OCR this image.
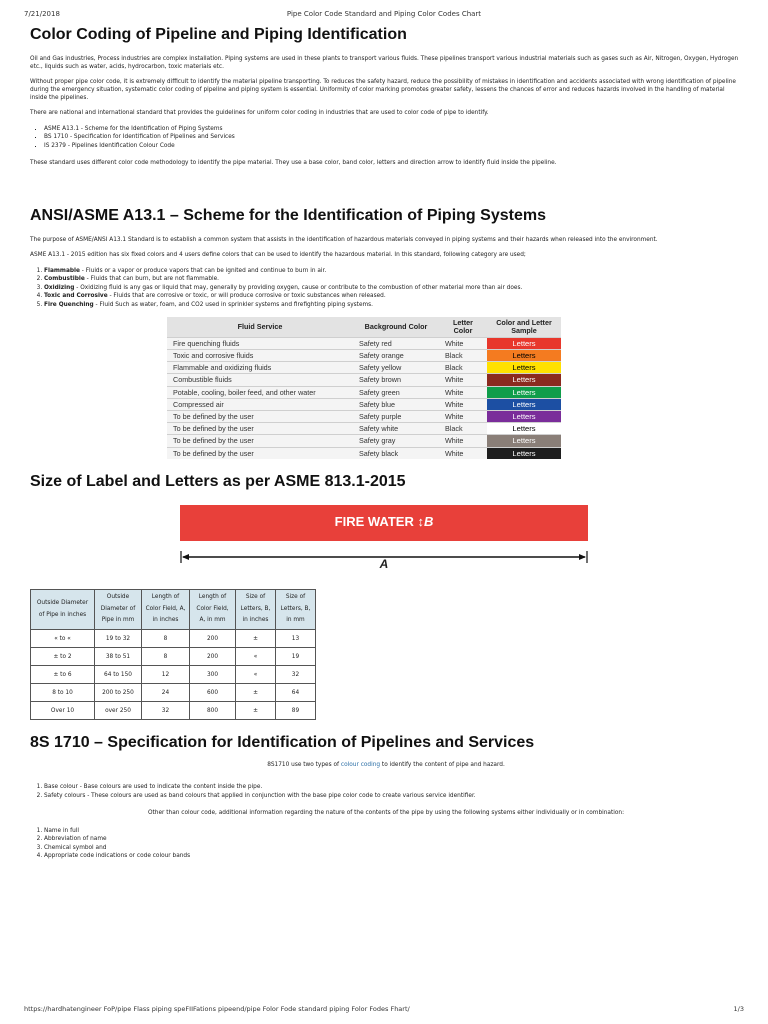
7/21/2018	Pipe Color Code Standard and Piping Color Codes Chart
Color Coding of Pipeline and Piping Identification

Oil and Gas industries, Process industries are complex installation. Piping systems are used in these plants to transport various fluids. These pipelines transport various industrial materials such as gases such as Air, Nitrogen, Oxygen, Hydrogen etc., liquids such as water, acids, hydrocarbon, toxic materials etc.

Without proper pipe color code, it is extremely difficult to identify the material pipeline transporting. To reduces the safety hazard, reduce the possibility of mistakes in identification and accidents associated with wrong identification of pipeline during the emergency situation, systematic color coding of pipeline and piping system is essential. Uniformity of color marking promotes greater safety, lessens the chances of error and reduces hazards involved in the handling of material inside the pipelines.

There are national and international standard that provides the guidelines for uniform color coding in industries that are used to color code of pipe to identify.

▪ ASME A13.1 - Scheme for the Identification of Piping Systems
▪ BS 1710 - Specification for Identification of Pipelines and Services
▪ IS 2379 - Pipelines Identification Colour Code

These standard uses different color code methodology to identify the pipe material. They use a base color, band color, letters and direction arrow to identify fluid inside the pipeline.

ANSI/ASME A13.1 – Scheme for the Identification of Piping Systems

The purpose of ASME/ANSI A13.1 Standard is to establish a common system that assists in the identification of hazardous materials conveyed in piping systems and their hazards when released into the environment.

ASME A13.1 - 2015 edition has six fixed colors and 4 users define colors that can be used to identify the hazardous material. In this standard, following category are used;

1. Flammable - Fluids or a vapor or produce vapors that can be ignited and continue to burn in air.
2. Combustible - Fluids that can burn, but are not flammable.
3. Oxidizing - Oxidizing fluid is any gas or liquid that may, generally by providing oxygen, cause or contribute to the combustion of other material more than air does.
4. Toxic and Corrosive - Fluids that are corrosive or toxic, or will produce corrosive or toxic substances when released.
5. Fire Quenching - Fluid Such as water, foam, and CO2 used in sprinkler systems and firefighting piping systems.
Fluid Service	Background Color	Letter Color	Color and Letter Sample
Fire quenching fluids	Safety red	White	Letters
Toxic and corrosive fluids	Safety orange	Black	Letters
Flammable and oxidizing fluids	Safety yellow	Black	Letters
Combustible fluids	Safety brown	White	Letters
Potable, cooling, boiler feed, and other water	Safety green	White	Letters
Compressed air	Safety blue	White	Letters
To be defined by the user	Safety purple	White	Letters
To be defined by the user	Safety white	Black	Letters
To be defined by the user	Safety gray	White	Letters
To be defined by the user	Safety black	White	Letters
Size of Label and Letters as per ASME 813.1-2015
FIRE WATER ↕B
A
Outside Diameter of Pipe in inches	Outside Diameter of Pipe in mm	Length of Color Field, A, in inches	Length of Color Field, A, in mm	Size of Letters, B, in inches	Size of Letters, B, in mm
« to «	19 to 32	8	200	±	13
± to 2	38 to 51	8	200	«	19
± to 6	64 to 150	12	300	«	32
8 to 10	200 to 250	24	600	±	64
Over 10	over 250	32	800	±	89
8S 1710 – Specification for Identification of Pipelines and Services

8S1710 use two types of colour coding to identify the content of pipe and hazard.

1. Base colour - Base colours are used to indicate the content inside the pipe.
2. Safety colours - These colours are used as band colours that applied in conjunction with the base pipe color code to create various service identifier.

Other than colour code, additional information regarding the nature of the contents of the pipe by using the following systems either individually or in combination:

1. Name in full
2. Abbreviation of name
3. Chemical symbol and
4. Appropriate code indications or code colour bands
https://hardhatengineer FoP/pipe Flass piping speFIIFations pipeend/pipe Folor Fode standard piping Folor Fodes Fhart/	1/3
